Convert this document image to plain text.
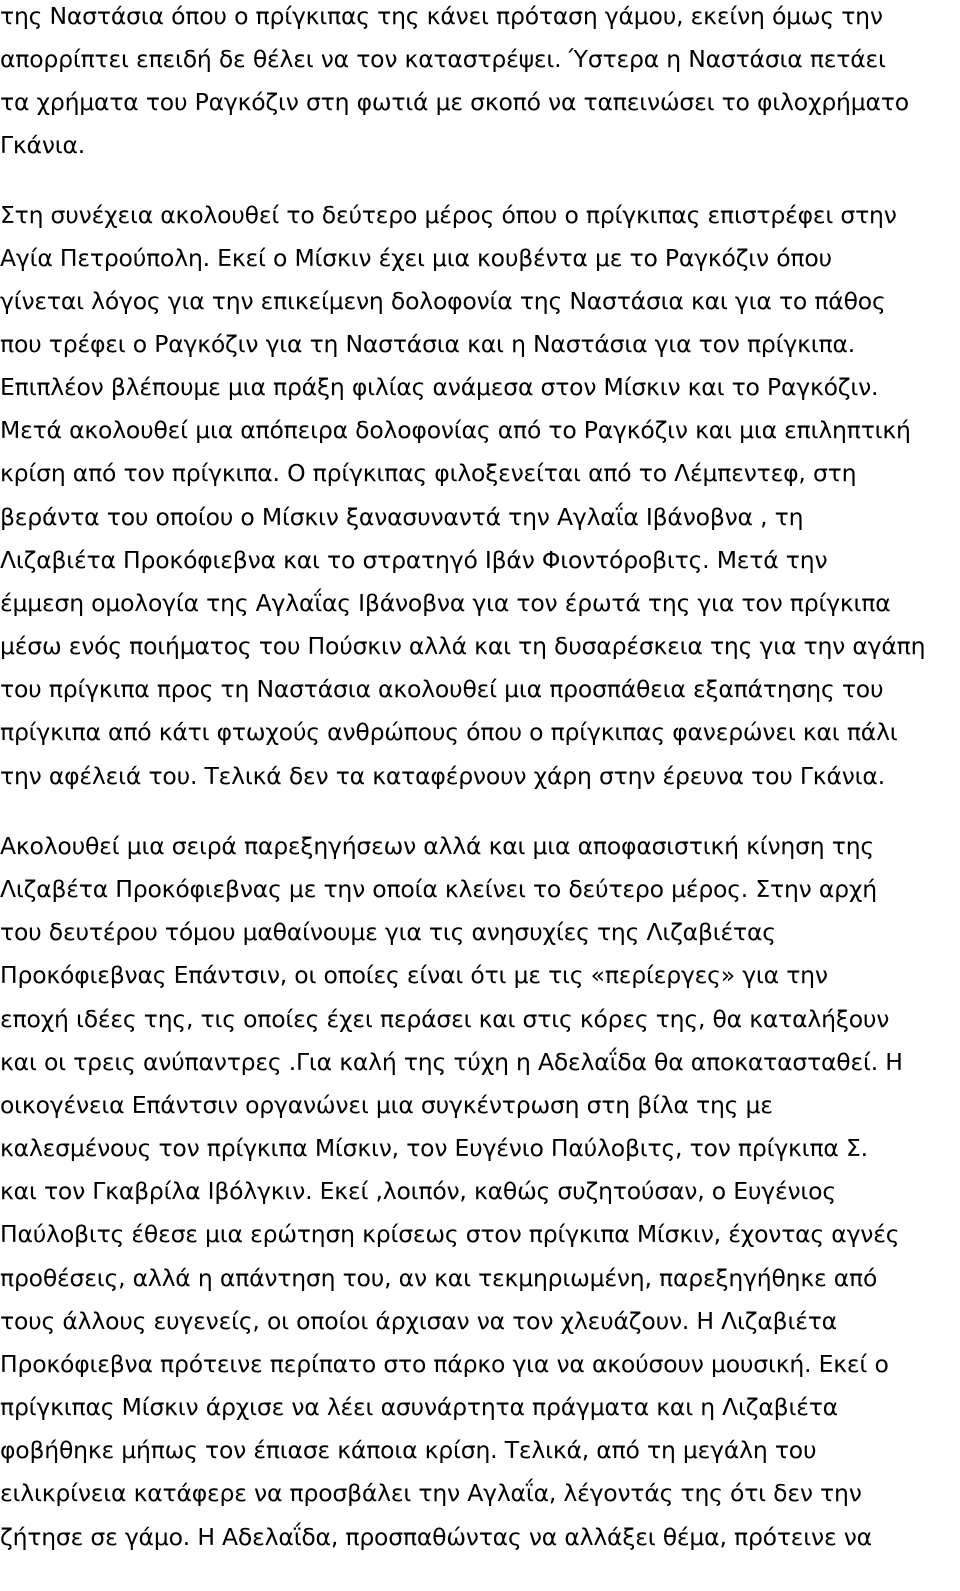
της Ναστάσια όπου ο πρίγκιπας της κάνει πρόταση γάμου, εκείνη όμως την
απορρίπτει επειδή δε θέλει να τον καταστρέψει. Ύστερα η Ναστάσια πετάει
τα χρήματα του Ραγκόζιν στη φωτιά με σκοπό να ταπεινώσει το φιλοχρήματο
Γκάνια.
Στη συνέχεια ακολουθεί το δεύτερο μέρος όπου ο πρίγκιπας επιστρέφει στην
Αγία Πετρούπολη. Εκεί ο Μίσκιν έχει μια κουβέντα με το Ραγκόζιν όπου
γίνεται λόγος για την επικείμενη δολοφονία της Ναστάσια και για το πάθος
που τρέφει ο Ραγκόζιν για τη Ναστάσια και η Ναστάσια για τον πρίγκιπα.
Επιπλέον βλέπουμε μια πράξη φιλίας ανάμεσα στον Μίσκιν και το Ραγκόζιν.
Μετά ακολουθεί μια απόπειρα δολοφονίας από το Ραγκόζιν και μια επιληπτική
κρίση από τον πρίγκιπα. Ο πρίγκιπας φιλοξενείται από το Λέμπεντεφ, στη
βεράντα του οποίου ο Μίσκιν ξανασυναντά την Αγλαΐα Ιβάνοβνα , τη
Λιζαβιέτα Προκόφιεβνα και το στρατηγό Ιβάν Φιοντόροβιτς. Μετά την
έμμεση ομολογία της Αγλαΐας Ιβάνοβνα για τον έρωτά της για τον πρίγκιπα
μέσω ενός ποιήματος του Πούσκιν αλλά και τη δυσαρέσκεια της για την αγάπη
του πρίγκιπα προς τη Ναστάσια ακολουθεί μια προσπάθεια εξαπάτησης του
πρίγκιπα από κάτι φτωχούς ανθρώπους όπου ο πρίγκιπας φανερώνει και πάλι
την αφέλειά του. Τελικά δεν τα καταφέρνουν χάρη στην έρευνα του Γκάνια.
Ακολουθεί μια σειρά παρεξηγήσεων αλλά και μια αποφασιστική κίνηση της
Λιζαβέτα Προκόφιεβνας με την οποία κλείνει το δεύτερο μέρος. Στην αρχή
του δευτέρου τόμου μαθαίνουμε για τις ανησυχίες της Λιζαβιέτας
Προκόφιεβνας Επάντσιν, οι οποίες είναι ότι με τις «περίεργες» για την
εποχή ιδέες της, τις οποίες έχει περάσει και στις κόρες της, θα καταλήξουν
και οι τρεις ανύπαντρες .Για καλή της τύχη η Αδελαΐδα θα αποκατασταθεί. Η
οικογένεια Επάντσιν οργανώνει μια συγκέντρωση στη βίλα της με
καλεσμένους τον πρίγκιπα Μίσκιν, τον Ευγένιο Παύλοβιτς, τον πρίγκιπα Σ.
και τον Γκαβρίλα Ιβόλγκιν. Εκεί ,λοιπόν, καθώς συζητούσαν, ο Ευγένιος
Παύλοβιτς έθεσε μια ερώτηση κρίσεως στον πρίγκιπα Μίσκιν, έχοντας αγνές
προθέσεις, αλλά η απάντηση του, αν και τεκμηριωμένη, παρεξηγήθηκε από
τους άλλους ευγενείς, οι οποίοι άρχισαν να τον χλευάζουν. Η Λιζαβιέτα
Προκόφιεβνα πρότεινε περίπατο στο πάρκο για να ακούσουν μουσική. Εκεί ο
πρίγκιπας Μίσκιν άρχισε να λέει ασυνάρτητα πράγματα και η Λιζαβιέτα
φοβήθηκε μήπως τον έπιασε κάποια κρίση. Τελικά, από τη μεγάλη του
ειλικρίνεια κατάφερε να προσβάλει την Αγλαΐα, λέγοντάς της ότι δεν την
ζήτησε σε γάμο. Η Αδελαΐδα, προσπαθώντας να αλλάξει θέμα, πρότεινε να
